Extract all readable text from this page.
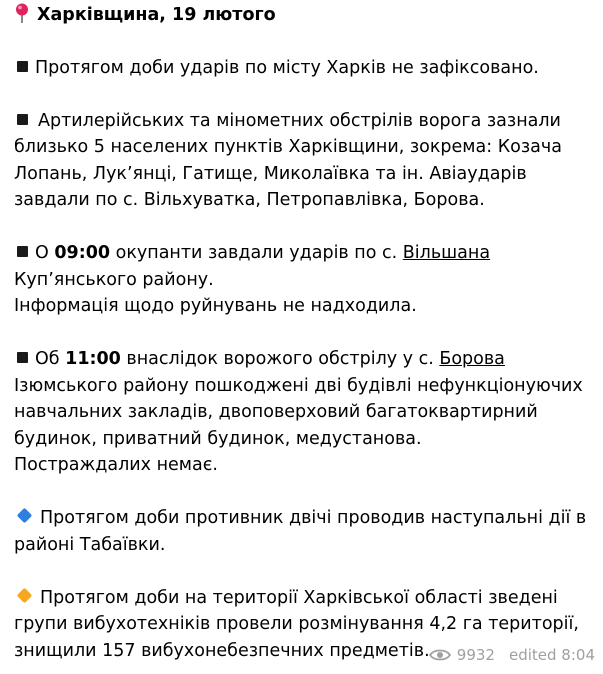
Харківщина, 19 лютого
Протягом доби ударів по місту Харків не зафіксовано.
Артилерійських та мінометних обстрілів ворога зазнали близько 5 населених пунктів Харківщини, зокрема: Козача Лопань, Лук’янці, Гатище, Миколаївка та ін. Авіаударів завдали по с. Вільхуватка, Петропавлівка, Борова.
О 09:00 окупанти завдали ударів по с. Вільшана Куп’янського району.
Інформація щодо руйнувань не надходила.
Об 11:00 внаслідок ворожого обстрілу у с. Борова Ізюмського району пошкоджені дві будівлі нефункціонуючих навчальних закладів, двоповерховий багатоквартирний будинок, приватний будинок, медустанова.
Постраждалих немає.
Протягом доби противник двічі проводив наступальні дії в районі Табаївки.
Протягом доби на території Харківської області зведені групи вибухотехніків провели розмінування 4,2 га території, знищили 157 вибухонебезпечних предметів.	9932 edited 8:04
